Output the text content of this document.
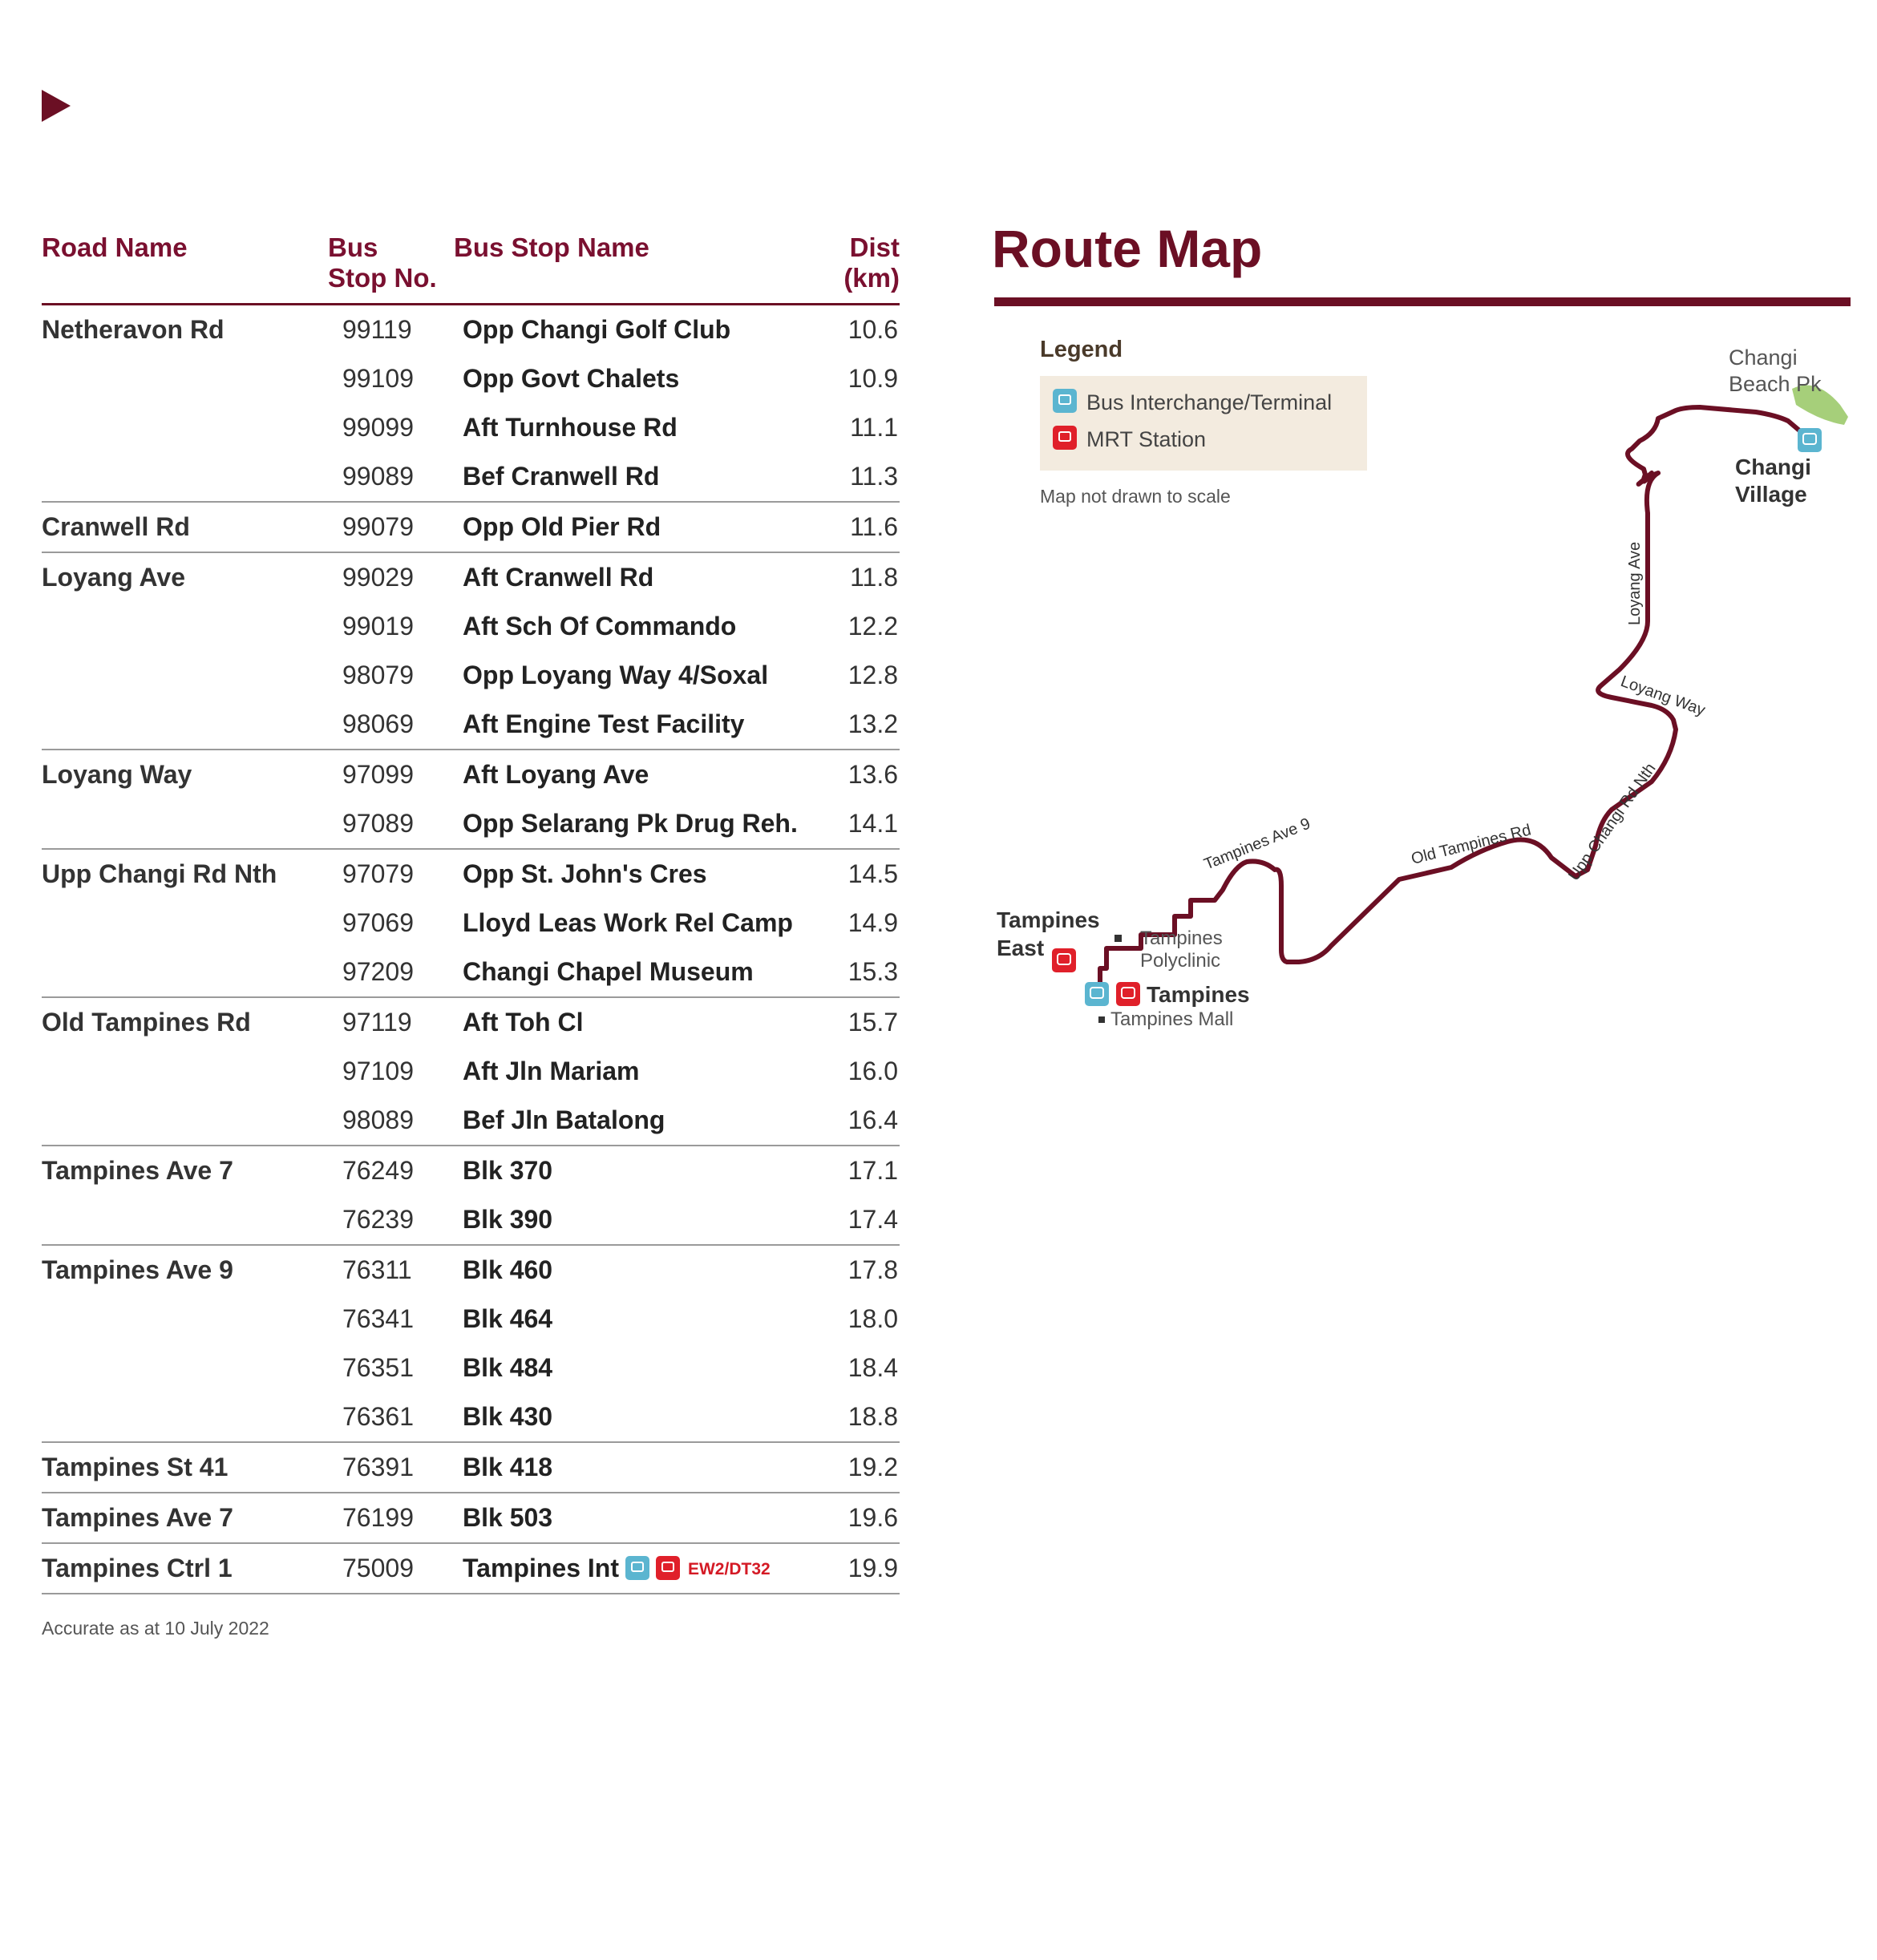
Road Name	Bus
Stop No.
Bus Stop Name	Dist
(km)
Netheravon Rd	99119 Opp Changi Golf Club	10.6
99109 Opp Govt Chalets	10.9
99099 Aft Turnhouse Rd	11.1
99089 Bef Cranwell Rd	11.3
Cranwell Rd	99079 Opp Old Pier Rd	11.6
Loyang Ave	99029 Aft Cranwell Rd	11.8
99019 Aft Sch Of Commando	12.2
98079 Opp Loyang Way 4/Soxal	12.8
98069 Aft Engine Test Facility	13.2
Loyang Way	97099 Aft Loyang Ave	13.6
97089 Opp Selarang Pk Drug Reh. 14.1
Upp Changi Rd Nth	97079 Opp St. John's Cres	14.5
97069 Lloyd Leas Work Rel Camp 14.9
97209 Changi Chapel Museum	15.3
Old Tampines Rd	97119 Aft Toh Cl	15.7
97109 Aft Jln Mariam	16.0
98089 Bef Jln Batalong	16.4
Tampines Ave 7	76249 Blk 370	17.1
76239 Blk 390	17.4
Tampines Ave 9	76311 Blk 460	17.8
76341 Blk 464	18.0
76351 Blk 484	18.4
76361 Blk 430	18.8
Tampines St 41	76391 Blk 418	19.2
Tampines Ave 7	76199 Blk 503	19.6
Tampines Ctrl 1	75009 Tampines Int	EW2/DT32	19.9
Accurate as at 10 July 2022
Route Map
Legend
Bus Interchange/Terminal
MRT Station
Map not drawn to scale
Changi
Beach Pk
Changi
Village
Loyang Ave
Loyang Way
Upp Changi Rd Nth
Old Tampines Rd
Tampines Ave 9
Tampines
East	Tampines
Polyclinic
Tampines
Tampines Mall
